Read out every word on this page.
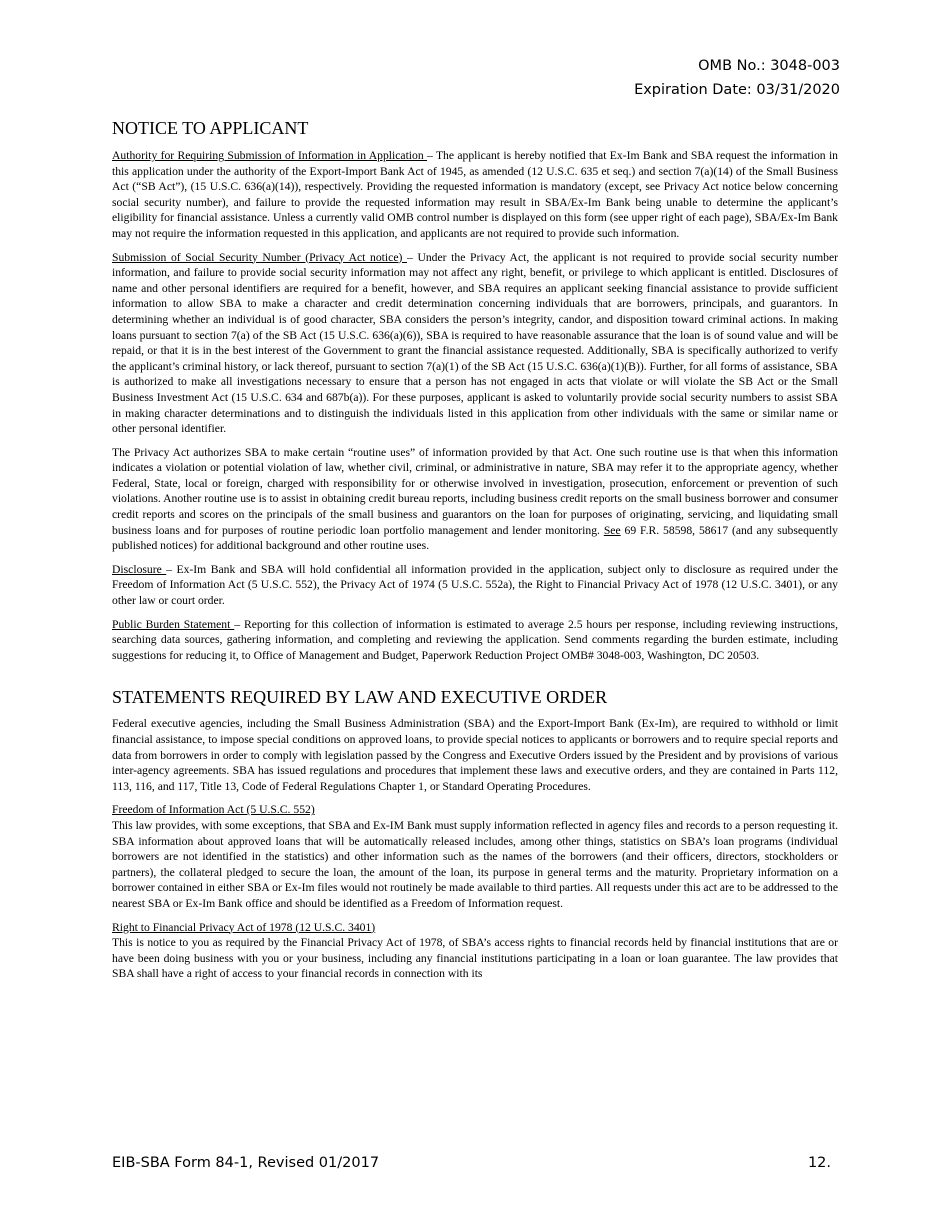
OMB No.: 3048-003
Expiration Date: 03/31/2020
NOTICE TO APPLICANT

Authority for Requiring Submission of Information in Application – The applicant is hereby notified that Ex-Im Bank and SBA request the information in this application under the authority of the Export-Import Bank Act of 1945, as amended (12 U.S.C. 635 et seq.) and section 7(a)(14) of the Small Business Act (“SB Act”), (15 U.S.C. 636(a)(14)), respectively. Providing the requested information is mandatory (except, see Privacy Act notice below concerning social security number), and failure to provide the requested information may result in SBA/Ex-Im Bank being unable to determine the applicant’s eligibility for financial assistance. Unless a currently valid OMB control number is displayed on this form (see upper right of each page), SBA/Ex-Im Bank may not require the information requested in this application, and applicants are not required to provide such information.

Submission of Social Security Number (Privacy Act notice) – Under the Privacy Act, the applicant is not required to provide social security number information, and failure to provide social security information may not affect any right, benefit, or privilege to which applicant is entitled. Disclosures of name and other personal identifiers are required for a benefit, however, and SBA requires an applicant seeking financial assistance to provide sufficient information to allow SBA to make a character and credit determination concerning individuals that are borrowers, principals, and guarantors. In determining whether an individual is of good character, SBA considers the person’s integrity, candor, and disposition toward criminal actions. In making loans pursuant to section 7(a) of the SB Act (15 U.S.C. 636(a)(6)), SBA is required to have reasonable assurance that the loan is of sound value and will be repaid, or that it is in the best interest of the Government to grant the financial assistance requested. Additionally, SBA is specifically authorized to verify the applicant’s criminal history, or lack thereof, pursuant to section 7(a)(1) of the SB Act (15 U.S.C. 636(a)(1)(B)). Further, for all forms of assistance, SBA is authorized to make all investigations necessary to ensure that a person has not engaged in acts that violate or will violate the SB Act or the Small Business Investment Act (15 U.S.C. 634 and 687b(a)). For these purposes, applicant is asked to voluntarily provide social security numbers to assist SBA in making character determinations and to distinguish the individuals listed in this application from other individuals with the same or similar name or other personal identifier.

The Privacy Act authorizes SBA to make certain “routine uses” of information provided by that Act. One such routine use is that when this information indicates a violation or potential violation of law, whether civil, criminal, or administrative in nature, SBA may refer it to the appropriate agency, whether Federal, State, local or foreign, charged with responsibility for or otherwise involved in investigation, prosecution, enforcement or prevention of such violations. Another routine use is to assist in obtaining credit bureau reports, including business credit reports on the small business borrower and consumer credit reports and scores on the principals of the small business and guarantors on the loan for purposes of originating, servicing, and liquidating small business loans and for purposes of routine periodic loan portfolio management and lender monitoring. See 69 F.R. 58598, 58617 (and any subsequently published notices) for additional background and other routine uses.

Disclosure – Ex-Im Bank and SBA will hold confidential all information provided in the application, subject only to disclosure as required under the Freedom of Information Act (5 U.S.C. 552), the Privacy Act of 1974 (5 U.S.C. 552a), the Right to Financial Privacy Act of 1978 (12 U.S.C. 3401), or any other law or court order.

Public Burden Statement – Reporting for this collection of information is estimated to average 2.5 hours per response, including reviewing instructions, searching data sources, gathering information, and completing and reviewing the application. Send comments regarding the burden estimate, including suggestions for reducing it, to Office of Management and Budget, Paperwork Reduction Project OMB# 3048-003, Washington, DC 20503.

STATEMENTS REQUIRED BY LAW AND EXECUTIVE ORDER

Federal executive agencies, including the Small Business Administration (SBA) and the Export-Import Bank (Ex-Im), are required to withhold or limit financial assistance, to impose special conditions on approved loans, to provide special notices to applicants or borrowers and to require special reports and data from borrowers in order to comply with legislation passed by the Congress and Executive Orders issued by the President and by provisions of various inter-agency agreements. SBA has issued regulations and procedures that implement these laws and executive orders, and they are contained in Parts 112, 113, 116, and 117, Title 13, Code of Federal Regulations Chapter 1, or Standard Operating Procedures.

Freedom of Information Act (5 U.S.C. 552)

This law provides, with some exceptions, that SBA and Ex-IM Bank must supply information reflected in agency files and records to a person requesting it. SBA information about approved loans that will be automatically released includes, among other things, statistics on SBA’s loan programs (individual borrowers are not identified in the statistics) and other information such as the names of the borrowers (and their officers, directors, stockholders or partners), the collateral pledged to secure the loan, the amount of the loan, its purpose in general terms and the maturity. Proprietary information on a borrower contained in either SBA or Ex-Im files would not routinely be made available to third parties. All requests under this act are to be addressed to the nearest SBA or Ex-Im Bank office and should be identified as a Freedom of Information request.

Right to Financial Privacy Act of 1978 (12 U.S.C. 3401)

This is notice to you as required by the Financial Privacy Act of 1978, of SBA’s access rights to financial records held by financial institutions that are or have been doing business with you or your business, including any financial institutions participating in a loan or loan guarantee. The law provides that SBA shall have a right of access to your financial records in connection with its

EIB-SBA Form 84-1, Revised 01/2017	12.
